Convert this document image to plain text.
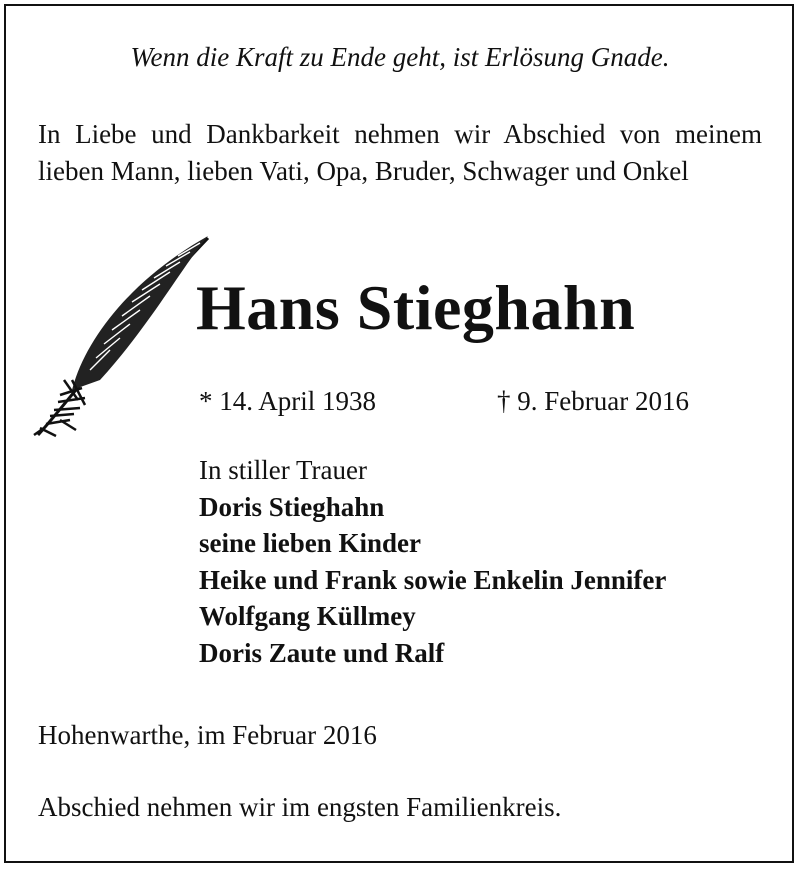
Wenn die Kraft zu Ende geht, ist Erlösung Gnade.
In Liebe und Dankbarkeit nehmen wir Abschied von meinem lieben Mann, lieben Vati, Opa, Bruder, Schwager und Onkel
Hans Stieghahn
* 14. April 1938	† 9. Februar 2016
In stiller Trauer
Doris Stieghahn
seine lieben Kinder
Heike und Frank sowie Enkelin Jennifer
Wolfgang Küllmey
Doris Zaute und Ralf
Hohenwarthe, im Februar 2016
Abschied nehmen wir im engsten Familienkreis.
